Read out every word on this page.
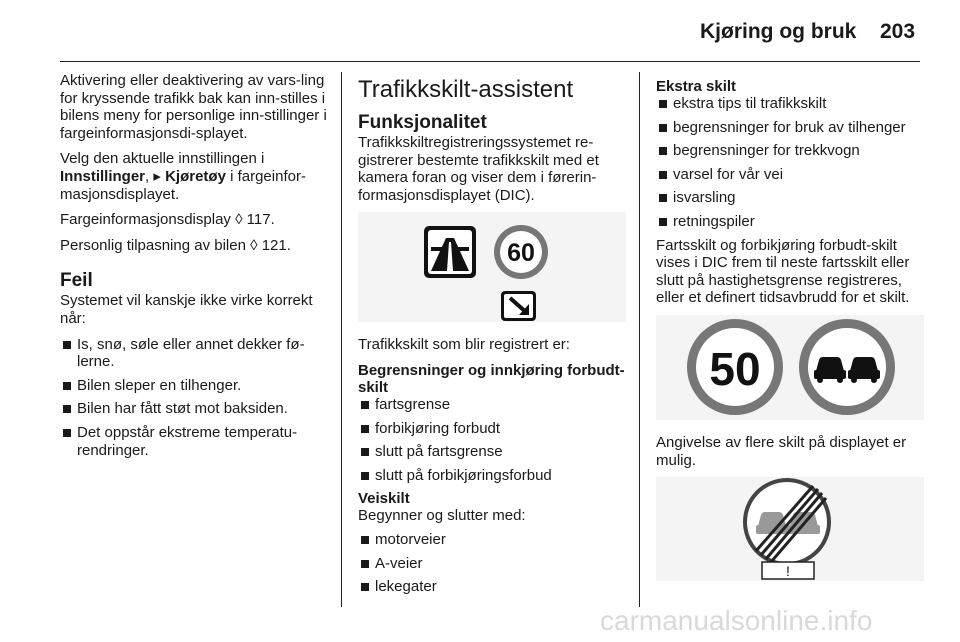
Kjøring og bruk 203

Aktivering eller deaktivering av vars-ling for kryssende trafikk bak kan inn-stilles i bilens meny for personlige inn-stillinger i fargeinformasjonsdi-splayet.

Velg den aktuelle innstillingen i
Innstillinger, ▸ Kjøretøy i fargeinfor-masjonsdisplayet.

Fargeinformasjonsdisplay ◊ 117.

Personlig tilpasning av bilen ◊ 121.

Feil

Systemet vil kanskje ikke virke korrekt når:

Is, snø, søle eller annet dekker fø-lerne.
Bilen sleper en tilhenger.
Bilen har fått støt mot baksiden.
Det oppstår ekstreme temperatu-rendringer.
Trafikkskilt-assistent
Funksjonalitet

Trafikkskiltregistreringssystemet re-gistrerer bestemte trafikkskilt med et kamera foran og viser dem i førerin-formasjonsdisplayet (DIC).

60

Trafikkskilt som blir registrert er:

Begrensninger og innkjøring forbudt-skilt
fartsgrense
forbikjøring forbudt
slutt på fartsgrense
slutt på forbikjøringsforbud
Veiskilt

Begynner og slutter med:

motorveier
A-veier
lekegater
Ekstra skilt
ekstra tips til trafikkskilt
begrensninger for bruk av tilhenger
begrensninger for trekkvogn
varsel for vår vei
isvarsling
retningspiler

Fartsskilt og forbikjøring forbudt-skilt vises i DIC frem til neste fartsskilt eller slutt på hastighetsgrense registreres, eller et definert tidsavbrudd for et skilt.

50

Angivelse av flere skilt på displayet er mulig.

!
carmanualsonline.info
